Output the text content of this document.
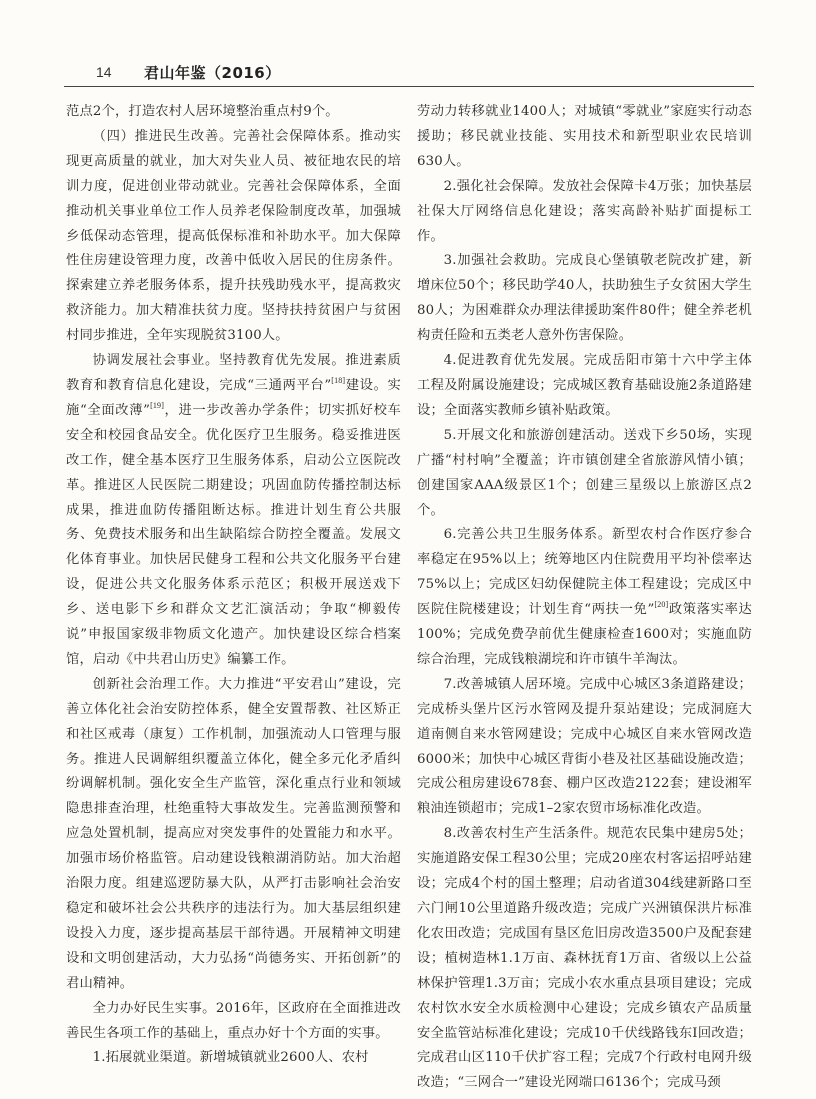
14 君山年鉴（2016）

范点2个，打造农村人居环境整治重点村9个。

（四）推进民生改善。完善社会保障体系。推动实现更高质量的就业，加大对失业人员、被征地农民的培训力度，促进创业带动就业。完善社会保障体系，全面推动机关事业单位工作人员养老保险制度改革，加强城乡低保动态管理，提高低保标准和补助水平。加大保障性住房建设管理力度，改善中低收入居民的住房条件。探索建立养老服务体系，提升扶残助残水平，提高救灾救济能力。加大精准扶贫力度。坚持扶持贫困户与贫困村同步推进，全年实现脱贫3100人。

协调发展社会事业。坚持教育优先发展。推进素质教育和教育信息化建设，完成“三通两平台”[18]建设。实施“全面改薄”[19]，进一步改善办学条件；切实抓好校车安全和校园食品安全。优化医疗卫生服务。稳妥推进医改工作，健全基本医疗卫生服务体系，启动公立医院改革。推进区人民医院二期建设；巩固血防传播控制达标成果，推进血防传播阻断达标。推进计划生育公共服务、免费技术服务和出生缺陷综合防控全覆盖。发展文化体育事业。加快居民健身工程和公共文化服务平台建设，促进公共文化服务体系示范区；积极开展送戏下乡、送电影下乡和群众文艺汇演活动；争取“柳毅传说”申报国家级非物质文化遗产。加快建设区综合档案馆，启动《中共君山历史》编纂工作。

创新社会治理工作。大力推进“平安君山”建设，完善立体化社会治安防控体系，健全安置帮教、社区矫正和社区戒毒（康复）工作机制，加强流动人口管理与服务。推进人民调解组织覆盖立体化，健全多元化矛盾纠纷调解机制。强化安全生产监管，深化重点行业和领域隐患排查治理，杜绝重特大事故发生。完善监测预警和应急处置机制，提高应对突发事件的处置能力和水平。加强市场价格监管。启动建设钱粮湖消防站。加大治超治限力度。组建巡逻防暴大队，从严打击影响社会治安稳定和破坏社会公共秩序的违法行为。加大基层组织建设投入力度，逐步提高基层干部待遇。开展精神文明建设和文明创建活动，大力弘扬“尚德务实、开拓创新”的君山精神。

全力办好民生实事。2016年，区政府在全面推进改善民生各项工作的基础上，重点办好十个方面的实事。

1.拓展就业渠道。新增城镇就业2600人、农村

劳动力转移就业1400人；对城镇“零就业”家庭实行动态援助；移民就业技能、实用技术和新型职业农民培训630人。

2.强化社会保障。发放社会保障卡4万张；加快基层社保大厅网络信息化建设；落实高龄补贴扩面提标工作。

3.加强社会救助。完成良心堡镇敬老院改扩建，新增床位50个；移民助学40人，扶助独生子女贫困大学生80人；为困难群众办理法律援助案件80件；健全养老机构责任险和五类老人意外伤害保险。

4.促进教育优先发展。完成岳阳市第十六中学主体工程及附属设施建设；完成城区教育基础设施2条道路建设；全面落实教师乡镇补贴政策。

5.开展文化和旅游创建活动。送戏下乡50场，实现广播“村村响”全覆盖；许市镇创建全省旅游风情小镇；创建国家AAA级景区1个；创建三星级以上旅游区点2个。

6.完善公共卫生服务体系。新型农村合作医疗参合率稳定在95%以上；统筹地区内住院费用平均补偿率达75%以上；完成区妇幼保健院主体工程建设；完成区中医院住院楼建设；计划生育“两扶一免”[20]政策落实率达100%；完成免费孕前优生健康检查1600对；实施血防综合治理，完成钱粮湖垸和许市镇牛羊淘汰。

7.改善城镇人居环境。完成中心城区3条道路建设；完成桥头堡片区污水管网及提升泵站建设；完成洞庭大道南侧自来水管网建设；完成中心城区自来水管网改造6000米；加快中心城区背街小巷及社区基础设施改造；完成公租房建设678套、棚户区改造2122套；建设湘军粮油连锁超市；完成1–2家农贸市场标准化改造。

8.改善农村生产生活条件。规范农民集中建房5处；实施道路安保工程30公里；完成20座农村客运招呼站建设；完成4个村的国土整理；启动省道304线建新路口至六门闸10公里道路升级改造；完成广兴洲镇保洪片标准化农田改造；完成国有垦区危旧房改造3500户及配套建设；植树造林1.1万亩、森林抚育1万亩、省级以上公益林保护管理1.3万亩；完成小农水重点县项目建设；完成农村饮水安全水质检测中心建设；完成乡镇农产品质量安全监管站标准化建设；完成10千伏线路钱东Ⅰ回改造；完成君山区110千伏扩容工程；完成7个行政村电网升级改造；“三网合一”建设光网端口6136个；完成马颈
